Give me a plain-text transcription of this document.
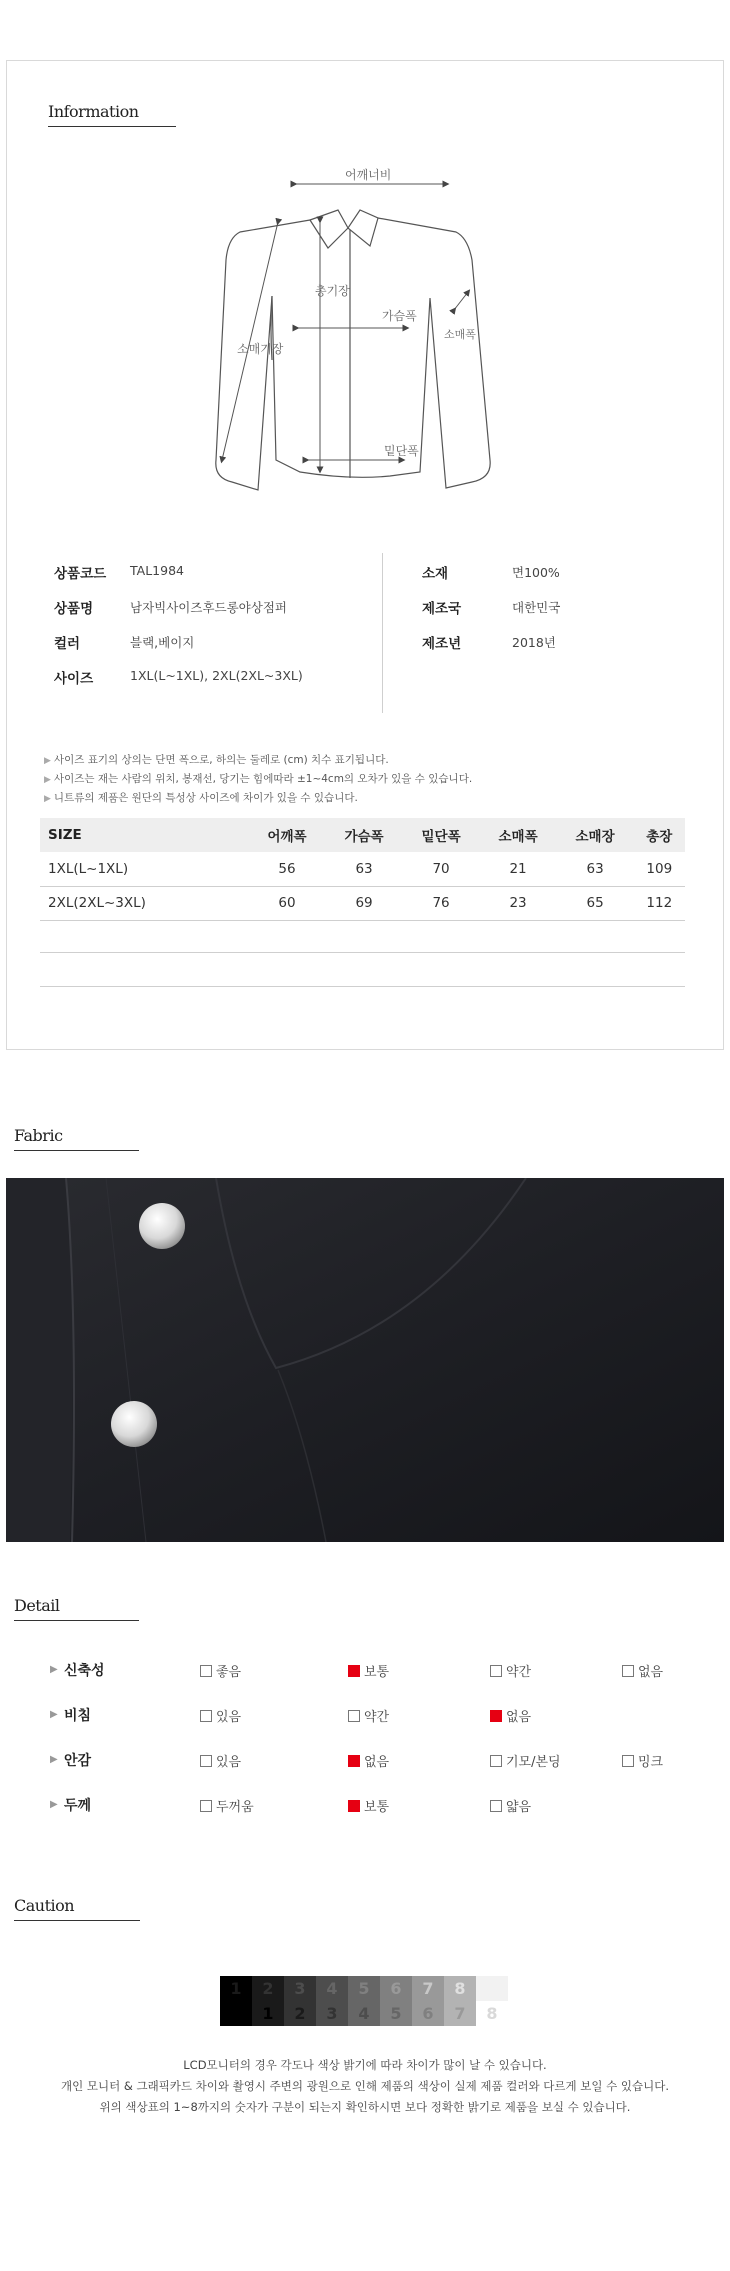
Information
어깨너비
총기장
가슴폭
소매기장
소매폭
밑단폭
상품코드 TAL1984
상품명	남자빅사이즈후드롱야상점퍼
컬러	블랙,베이지
사이즈	1XL(L~1XL), 2XL(2XL~3XL)
소재	면100%
제조국	대한민국
제조년	2018년
▶ 사이즈 표기의 상의는 단면 폭으로, 하의는 둘레로 (cm) 치수 표기됩니다.
▶ 사이즈는 재는 사람의 위치, 봉재선, 당기는 힘에따라 ±1~4cm의 오차가 있을 수 있습니다.
▶ 니트류의 제품은 원단의 특성상 사이즈에 차이가 있을 수 있습니다.
SIZE	어깨폭	가슴폭	밑단폭	소매폭	소매장	총장
1XL(L~1XL)	56	63	70	21	63	109
2XL(2XL~3XL)	60	69	76	23	65	112
Fabric
Detail
▶ 신축성	좋음	보통	약간	없음
▶ 비침	있음	약간	없음
▶ 안감	있음	없음	기모/본딩	밍크
▶ 두께	두꺼움	보통	얇음
Caution
1	2	3	4	5	6	7	8
1	2	3	4	5	6	7	8
LCD모니터의 경우 각도나 색상 밝기에 따라 차이가 많이 날 수 있습니다.
개인 모니터 & 그래픽카드 차이와 촬영시 주변의 광원으로 인해 제품의 색상이 실제 제품 컬러와 다르게 보일 수 있습니다.
위의 색상표의 1~8까지의 숫자가 구분이 되는지 확인하시면 보다 정확한 밝기로 제품을 보실 수 있습니다.
